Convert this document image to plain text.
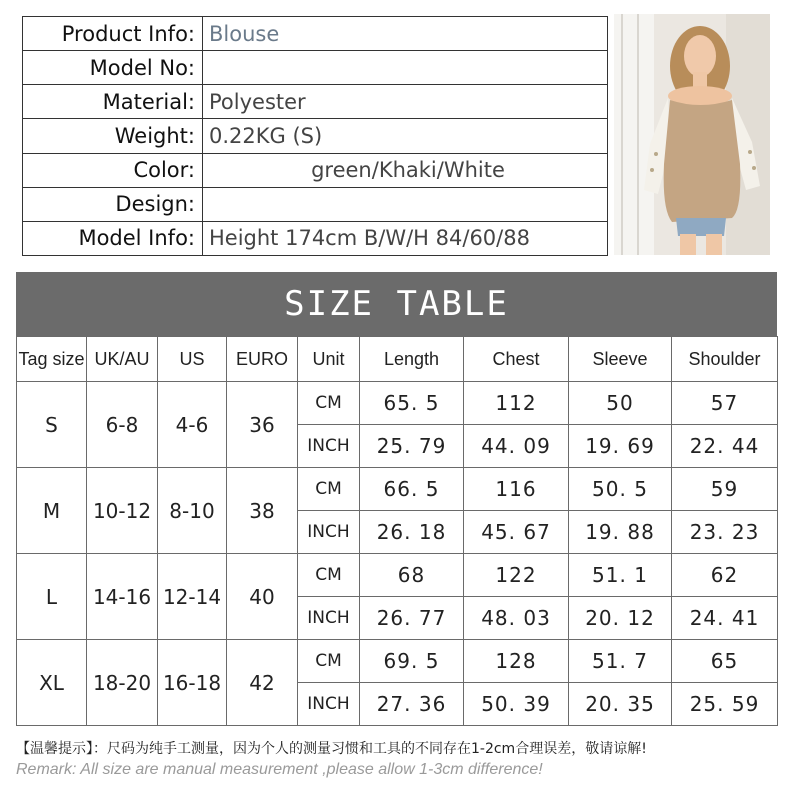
Product Info:	Blouse
Model No:	
Material:	Polyester
Weight:	0.22KG (S)
Color:	green/Khaki/White
Design:	
Model Info:	Height 174cm B/W/H 84/60/88
SIZE TABLE
Tag size	UK/AU	US	EURO	Unit	Length	Chest	Sleeve	Shoulder
S	6-8	4-6	36	CM	65. 5	112	50	57
				INCH	25. 79	44. 09	19. 69	22. 44
M	10-12	8-10	38	CM	66. 5	116	50. 5	59
				INCH	26. 18	45. 67	19. 88	23. 23
L	14-16	12-14	40	CM	68	122	51. 1	62
				INCH	26. 77	48. 03	20. 12	24. 41
XL	18-20	16-18	42	CM	69. 5	128	51. 7	65
				INCH	27. 36	50. 39	20. 35	25. 59
【温馨提示】：尺码为纯手工测量，因为个人的测量习惯和工具的不同存在1-2cm合理误差，敬请谅解!
Remark: All size are manual measurement ,please allow 1-3cm difference!
